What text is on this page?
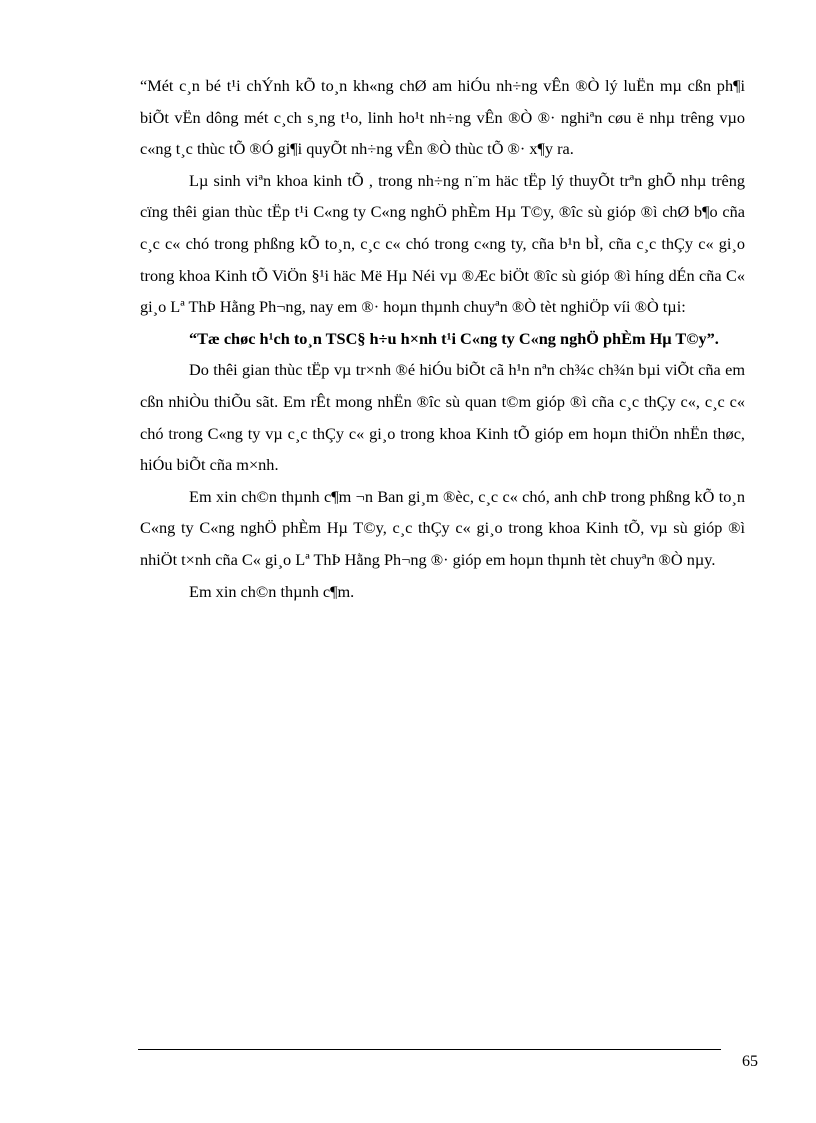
“Mét c¸n bé t¹i chÝnh kÕ to¸n kh«ng chØ am hiÓu nh÷ng vÊn ®Ò lý luËn mµ cßn ph¶i biÕt vËn dông mét c¸ch s¸ng t¹o, linh ho¹t nh÷ng vÊn ®Ò ®· nghiªn cøu ë nhµ trêng vµo c«ng t¸c thùc tÕ ®Ó gi¶i quyÕt nh÷ng vÊn ®Ò thùc tÕ ®· x¶y ra.

Lµ sinh viªn khoa kinh tÕ , trong nh÷ng n¨m häc tËp lý thuyÕt trªn ghÕ nhµ trêng cïng thêi gian thùc tËp t¹i C«ng ty C«ng nghÖ phÈm Hµ T©y, ®îc sù gióp ®ì chØ b¶o cña c¸c c« chó trong phßng kÕ to¸n, c¸c c« chó trong c«ng ty, cña b¹n bÌ, cña c¸c thÇy c« gi¸o trong khoa Kinh tÕ ViÖn §¹i häc Më Hµ Néi vµ ®Æc biÖt ®îc sù gióp ®ì híng dÉn cña C« gi¸o Lª ThÞ Hằng Ph¬ng, nay em ®· hoµn thµnh chuyªn ®Ò tèt nghiÖp víi ®Ò tµi:

“Tæ chøc h¹ch to¸n TSC§ h÷u h×nh t¹i C«ng ty C«ng nghÖ phÈm Hµ T©y”.

Do thêi gian thùc tËp vµ tr×nh ®é hiÓu biÕt cã h¹n nªn ch¾c ch¾n bµi viÕt cña em cßn nhiÒu thiÕu sãt. Em rÊt mong nhËn ®îc sù quan t©m gióp ®ì cña c¸c thÇy c«, c¸c c« chó trong C«ng ty vµ c¸c thÇy c« gi¸o trong khoa Kinh tÕ gióp em hoµn thiÖn nhËn thøc, hiÓu biÕt cña m×nh.

Em xin ch©n thµnh c¶m ¬n Ban gi¸m ®èc, c¸c c« chó, anh chÞ trong phßng kÕ to¸n C«ng ty C«ng nghÖ phÈm Hµ T©y, c¸c thÇy c« gi¸o trong khoa Kinh tÕ, vµ sù gióp ®ì nhiÖt t×nh cña C« gi¸o Lª ThÞ Hằng Ph¬ng ®· gióp em hoµn thµnh tèt chuyªn ®Ò nµy.

Em xin ch©n thµnh c¶m.

65
